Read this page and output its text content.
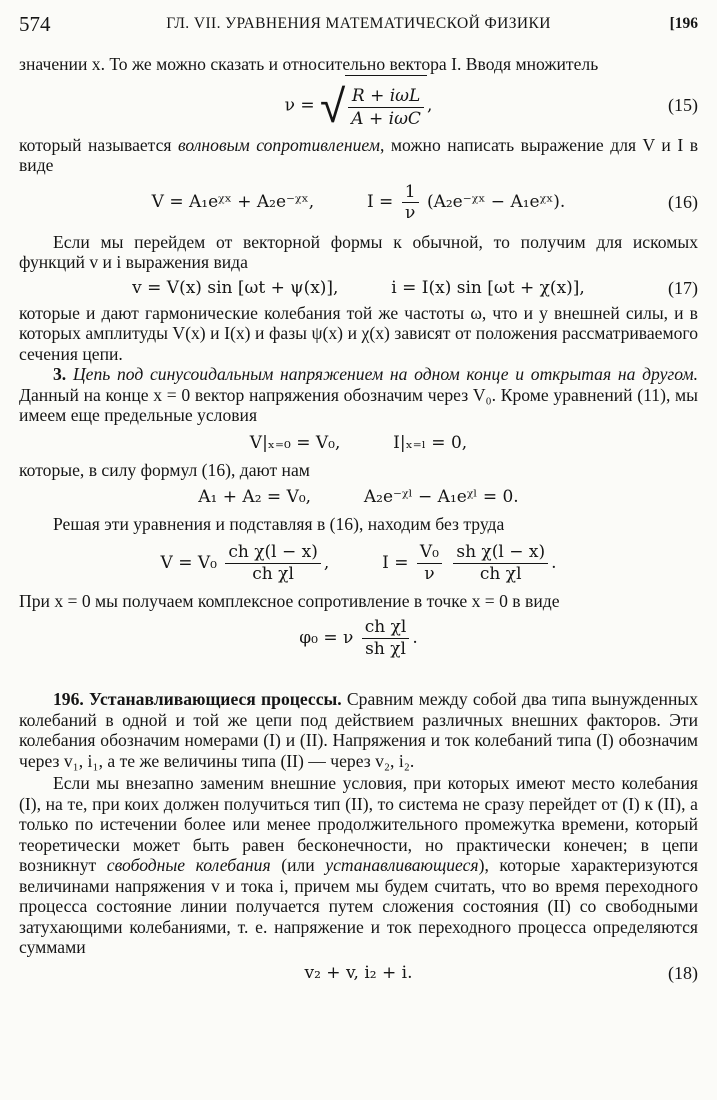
574	ГЛ. VII. УРАВНЕНИЯ МАТЕМАТИЧЕСКОЙ ФИЗИКИ	[196

значении x. То же можно сказать и относительно вектора I. Вводя множитель

ν = √ $\frac{\text{R + iωL}}{\text{A + iωC}}$ ,	(15)

который называется волновым сопротивлением, можно написать выражение для V и I в виде

V = A₁eᵡˣ + A₂e⁻ᵡˣ,	$I = \frac{1}{\nu}$ (A₂e⁻ᵡˣ − A₁eᵡˣ).	(16)

Если мы перейдем от векторной формы к обычной, то получим для искомых функций v и i выражения вида

v = V(x) sin [ωt + ψ(x)],	i = I(x) sin [ωt + χ(x)],	(17)

которые и дают гармонические колебания той же частоты ω, что и у внешней силы, и в которых амплитуды V(x) и I(x) и фазы ψ(x) и χ(x) зависят от положения рассматриваемого сечения цепи.

3. Цепь под синусоидальным напряжением на одном конце и открытая на другом. Данный на конце x = 0 вектор напряжения обозначим через V₀. Кроме уравнений (11), мы имеем еще предельные условия

V|ₓ₌₀ = V₀,	I|ₓ₌ₗ = 0,

которые, в силу формул (16), дают нам

A₁ + A₂ = V₀,	A₂e⁻ᵡˡ − A₁eᵡˡ = 0.

Решая эти уравнения и подставляя в (16), находим без труда

$V = V_0 \frac{\text{ch χ(l − x)}}{\text{ch χl}}$ ,	$I = \frac{\text{V₀}}{\nu}$
$\frac{\text{sh χ(l − x)}}{\text{ch χl}}$ .

При x = 0 мы получаем комплексное сопротивление в точке x = 0 в виде

φ₀ = ν $\frac{\text{ch χl}}{\text{sh χl}}$ .

196. Устанавливающиеся процессы. Сравним между собой два типа вынужденных колебаний в одной и той же цепи под действием различных внешних факторов. Эти колебания обозначим номерами (I) и (II). Напряжения и ток колебаний типа (I) обозначим через v₁, i₁, а те же величины типа (II) — через v₂, i₂.

Если мы внезапно заменим внешние условия, при которых имеют место колебания (I), на те, при коих должен получиться тип (II), то система не сразу перейдет от (I) к (II), а только по истечении более или менее продолжительного промежутка времени, который теоретически может быть равен бесконечности, но практически конечен; в цепи возникнут свободные колебания (или устанавливающиеся), которые характеризуются величинами напряжения v и тока i, причем мы будем считать, что во время переходного процесса состояние линии получается путем сложения состояния (II) со свободными затухающими колебаниями, т. е. напряжение и ток переходного процесса определяются суммами

v₂ + v, i₂ + i.	(18)
